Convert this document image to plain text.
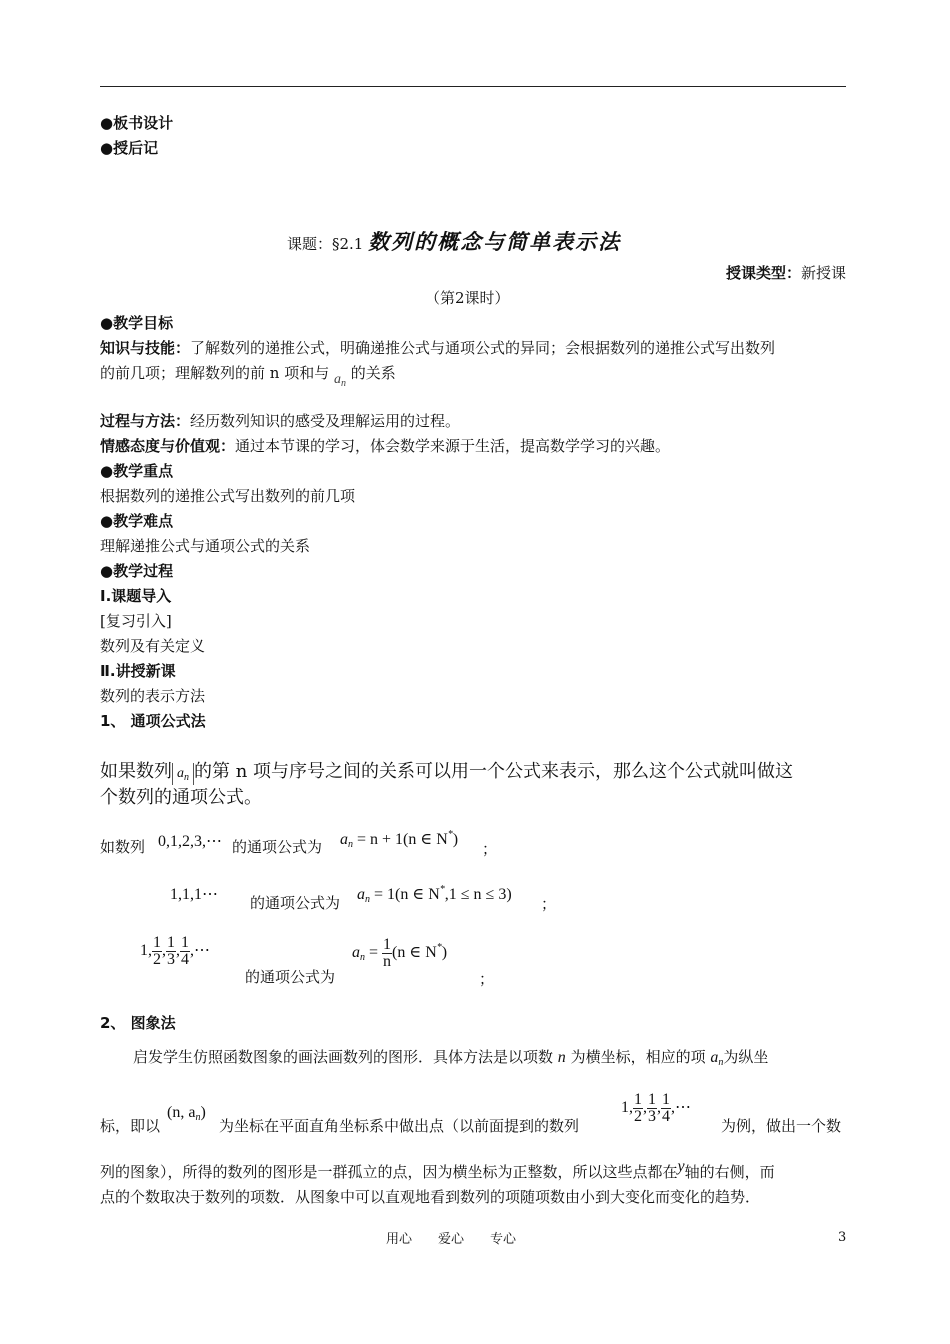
●板书设计
●授后记
课题：§2.1 数列的概念与简单表示法
授课类型：新授课
（第2课时）
●教学目标
知识与技能：了解数列的递推公式，明确递推公式与通项公式的异同；会根据数列的递推公式写出数列
的前几项；理解数列的前 n 项和与 $a_n$ 的关系
过程与方法：经历数列知识的感受及理解运用的过程。
情感态度与价值观：通过本节课的学习，体会数学来源于生活，提高数学学习的兴趣。
●教学重点
根据数列的递推公式写出数列的前几项
●教学难点
理解递推公式与通项公式的关系
●教学过程
Ⅰ.课题导入
[复习引入]
数列及有关定义
Ⅱ.讲授新课
数列的表示方法
1、 通项公式法
如果数列 $a_n$ 的第 n 项与序号之间的关系可以用一个公式来表示，那么这个公式就叫做这
个数列的通项公式。
如数列 0,1,2,3,⋯ 的通项公式为 $a_n = n + 1(n$ ∈ N*)
；
1,1,1⋯ 的通项公式为 $a_n = 1(n$ ∈ N*,1 ≤ n ≤ 3)
；
1, $\frac{1}{2}$ , $\frac{1}{3}$ , $\frac{1}{4}$ ,⋯
的通项公式为
$a_n = \frac{1}{n} (n$ ∈ N*)
；
2、 图象法
启发学生仿照函数图象的画法画数列的图形．具体方法是以项数 n 为横坐标，相应的项 $a_n$为纵坐
标，即以
(n, $a_n$)
为坐标在平面直角坐标系中做出点（以前面提到的数列
1, $\frac{1}{2}$ , $\frac{1}{3}$ , $\frac{1}{4}$ ,⋯
为例，做出一个数
列的图象），所得的数列的图形是一群孤立的点，因为横坐标为正整数，所以这些点都在y轴的右侧，而
点的个数取决于数列的项数．从图象中可以直观地看到数列的项随项数由小到大变化而变化的趋势．
用心　　爱心　　专心	3
